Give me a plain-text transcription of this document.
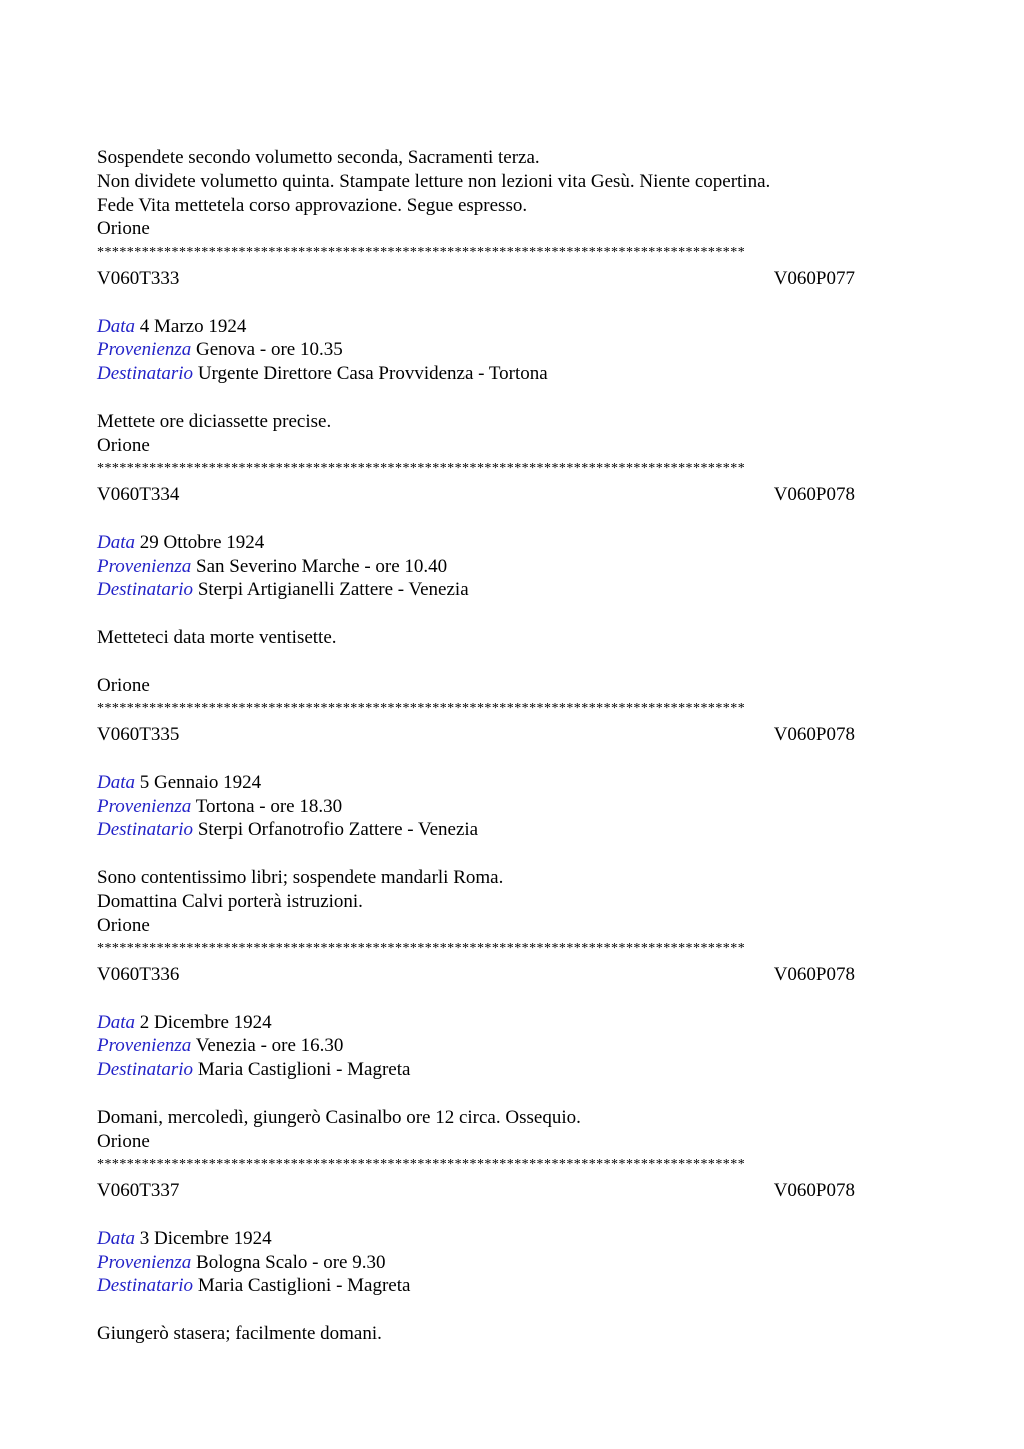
Sospendete secondo volumetto seconda, Sacramenti terza.
Non dividete volumetto quinta. Stampate letture non lezioni vita Gesù. Niente copertina.
Fede Vita mettetela corso approvazione. Segue espresso.
Orione
***************************************************************************************
V060T333	V060P077
Data 4 Marzo 1924
Provenienza Genova - ore 10.35
Destinatario Urgente Direttore Casa Provvidenza - Tortona
Mettete ore diciassette precise.
Orione
***************************************************************************************
V060T334	V060P078
Data 29 Ottobre 1924
Provenienza San Severino Marche - ore 10.40
Destinatario Sterpi Artigianelli Zattere - Venezia
Metteteci data morte ventisette.
Orione
***************************************************************************************
V060T335	V060P078
Data 5 Gennaio 1924
Provenienza Tortona - ore 18.30
Destinatario Sterpi Orfanotrofio Zattere - Venezia
Sono contentissimo libri; sospendete mandarli Roma.
Domattina Calvi porterà istruzioni.
Orione
***************************************************************************************
V060T336	V060P078
Data 2 Dicembre 1924
Provenienza Venezia - ore 16.30
Destinatario Maria Castiglioni - Magreta
Domani, mercoledì, giungerò Casinalbo ore 12 circa. Ossequio.
Orione
***************************************************************************************
V060T337	V060P078
Data 3 Dicembre 1924
Provenienza Bologna Scalo - ore 9.30
Destinatario Maria Castiglioni - Magreta
Giungerò stasera; facilmente domani.
